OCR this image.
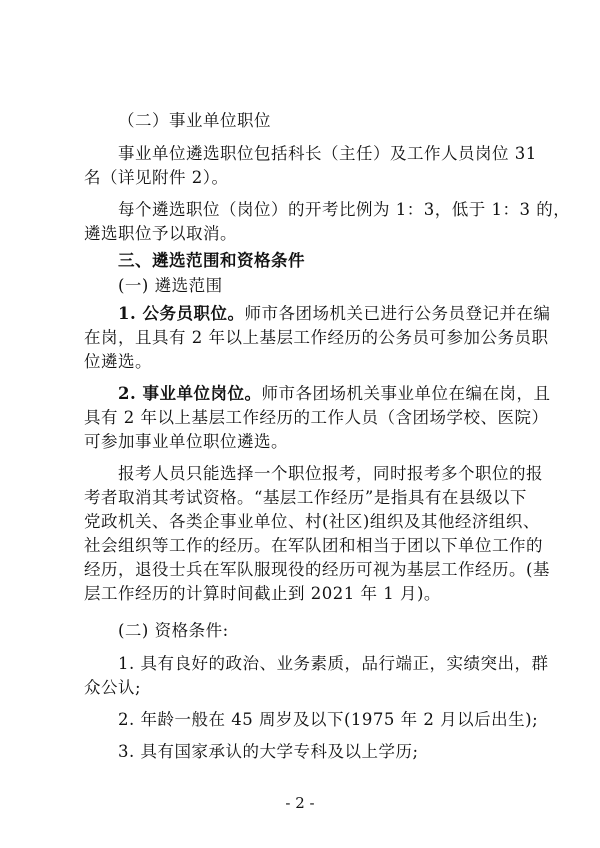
（二）事业单位职位
事业单位遴选职位包括科长（主任）及工作人员岗位 31
名（详见附件 2）。
每个遴选职位（岗位）的开考比例为 1：3，低于 1：3 的，
遴选职位予以取消。
三、遴选范围和资格条件
(一) 遴选范围
1. 公务员职位。师市各团场机关已进行公务员登记并在编
在岗，且具有 2 年以上基层工作经历的公务员可参加公务员职
位遴选。
2. 事业单位岗位。师市各团场机关事业单位在编在岗，且
具有 2 年以上基层工作经历的工作人员（含团场学校、医院）
可参加事业单位职位遴选。
报考人员只能选择一个职位报考，同时报考多个职位的报
考者取消其考试资格。“基层工作经历”是指具有在县级以下
党政机关、各类企事业单位、村(社区)组织及其他经济组织、
社会组织等工作的经历。在军队团和相当于团以下单位工作的
经历，退役士兵在军队服现役的经历可视为基层工作经历。(基
层工作经历的计算时间截止到 2021 年 1 月)。
(二) 资格条件:
1. 具有良好的政治、业务素质，品行端正，实绩突出，群
众公认;
2. 年龄一般在 45 周岁及以下(1975 年 2 月以后出生);
3. 具有国家承认的大学专科及以上学历;
- 2 -
